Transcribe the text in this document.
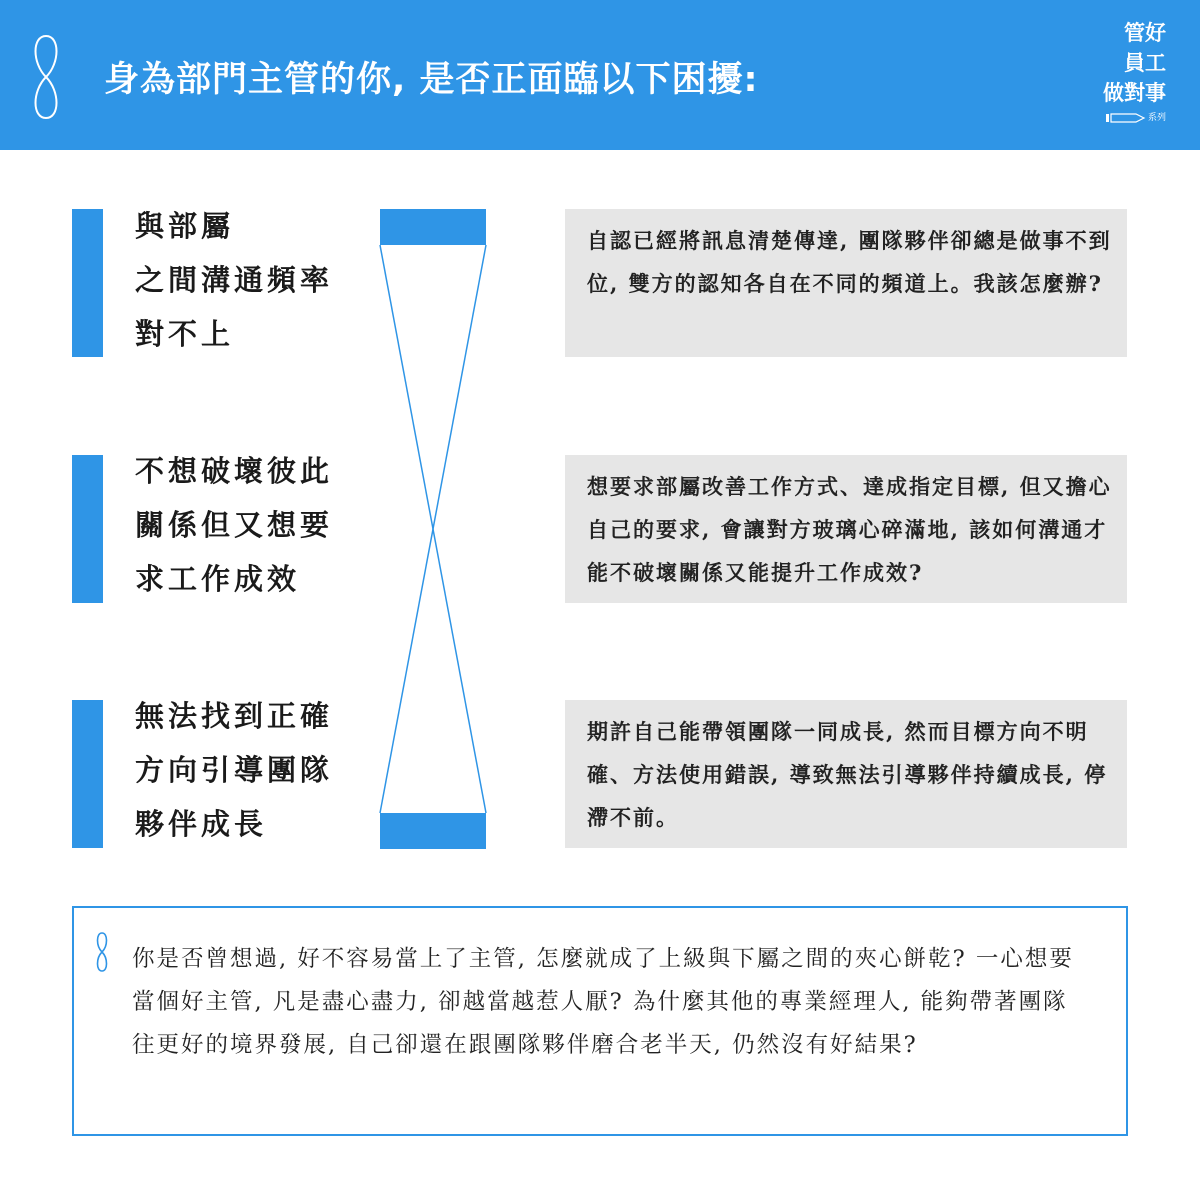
身為部門主管的你, 是否正面臨以下困擾:
管好
員工
做對事
系列
與部屬
之間溝通頻率
對不上
自認已經將訊息清楚傳達, 團隊夥伴卻總是做事不到位, 雙方的認知各自在不同的頻道上。我該怎麼辦?
不想破壞彼此
關係但又想要
求工作成效
想要求部屬改善工作方式、達成指定目標, 但又擔心自己的要求, 會讓對方玻璃心碎滿地, 該如何溝通才能不破壞關係又能提升工作成效?
無法找到正確
方向引導團隊
夥伴成長
期許自己能帶領團隊一同成長, 然而目標方向不明確、方法使用錯誤, 導致無法引導夥伴持續成長, 停滯不前。
你是否曾想過, 好不容易當上了主管, 怎麼就成了上級與下屬之間的夾心餅乾? 一心想要當個好主管, 凡是盡心盡力, 卻越當越惹人厭? 為什麼其他的專業經理人, 能夠帶著團隊往更好的境界發展, 自己卻還在跟團隊夥伴磨合老半天, 仍然沒有好結果?
